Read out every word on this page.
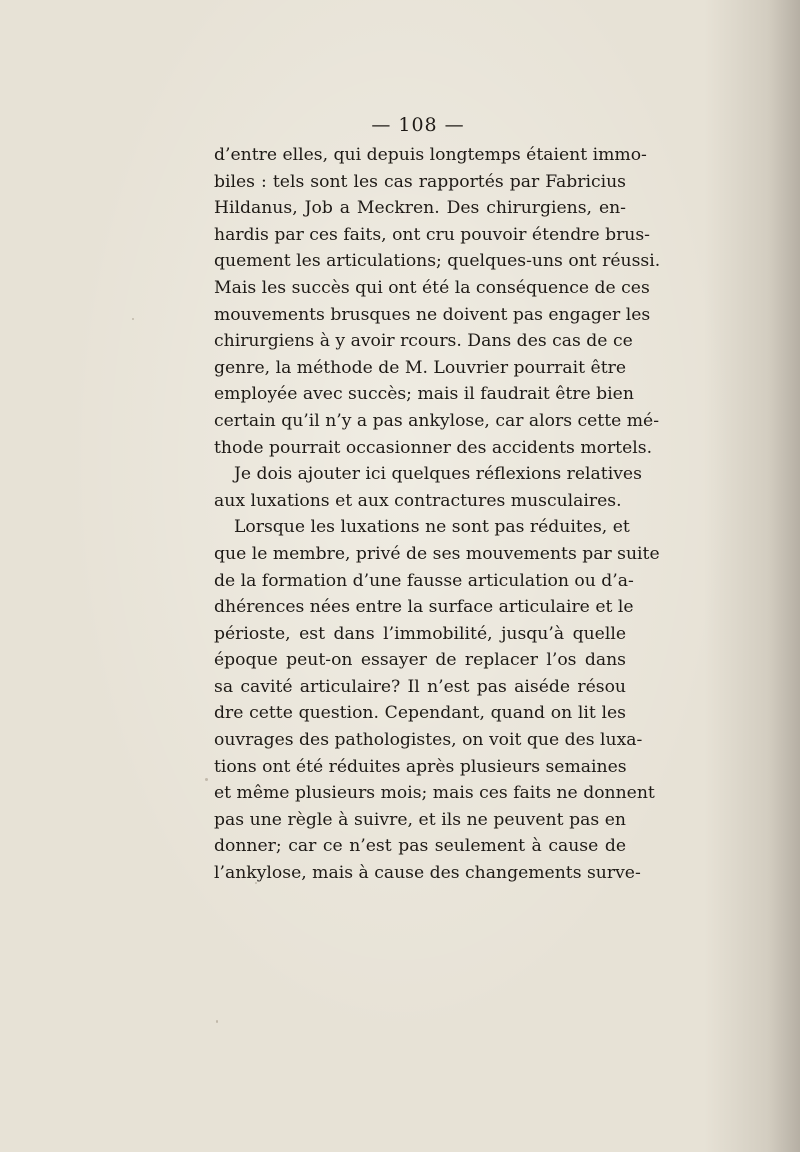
— 108 —
d’entre elles, qui depuis longtemps étaient immo-
biles : tels sont les cas rapportés par Fabricius
Hildanus, Job a Meckren. Des chirurgiens, en-
hardis par ces faits, ont cru pouvoir étendre brus-
quement les articulations; quelques-uns ont réussi.
Mais les succès qui ont été la conséquence de ces
mouvements brusques ne doivent pas engager les
chirurgiens à y avoir rcours. Dans des cas de ce
genre, la méthode de M. Louvrier pourrait être
employée avec succès; mais il faudrait être bien
certain qu’il n’y a pas ankylose, car alors cette mé-
thode pourrait occasionner des accidents mortels.
Je dois ajouter ici quelques réflexions relatives
aux luxations et aux contractures musculaires.
Lorsque les luxations ne sont pas réduites, et
que le membre, privé de ses mouvements par suite
de la formation d’une fausse articulation ou d’a-
dhérences nées entre la surface articulaire et le
périoste, est dans l’immobilité, jusqu’à quelle
époque peut-on essayer de replacer l’os dans
sa cavité articulaire? Il n’est pas aiséde résou
dre cette question. Cependant, quand on lit les
ouvrages des pathologistes, on voit que des luxa-
tions ont été réduites après plusieurs semaines
et même plusieurs mois; mais ces faits ne donnent
pas une règle à suivre, et ils ne peuvent pas en
donner; car ce n’est pas seulement à cause de
l’ankylose, mais à cause des changements surve-
